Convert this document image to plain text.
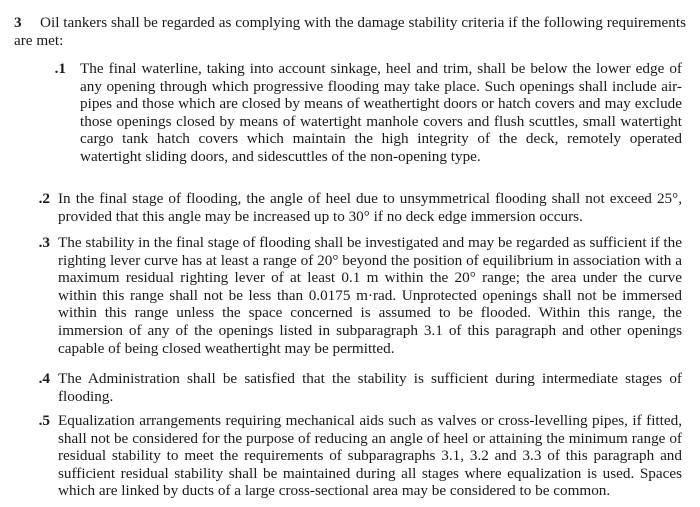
3 Oil tankers shall be regarded as complying with the damage stability criteria if the following requirements are met:
.1 The final waterline, taking into account sinkage, heel and trim, shall be below the lower edge of any opening through which progressive flooding may take place. Such openings shall include air-pipes and those which are closed by means of weathertight doors or hatch covers and may exclude those openings closed by means of watertight manhole covers and flush scuttles, small watertight cargo tank hatch covers which maintain the high integrity of the deck, remotely operated watertight sliding doors, and sidescuttles of the non-opening type.
.2 In the final stage of flooding, the angle of heel due to unsymmetrical flooding shall not exceed 25°, provided that this angle may be increased up to 30° if no deck edge immersion occurs.
.3 The stability in the final stage of flooding shall be investigated and may be regarded as sufficient if the righting lever curve has at least a range of 20° beyond the position of equilibrium in association with a maximum residual righting lever of at least 0.1 m within the 20° range; the area under the curve within this range shall not be less than 0.0175 m·rad. Unprotected openings shall not be immersed within this range unless the space concerned is assumed to be flooded. Within this range, the immersion of any of the openings listed in subparagraph 3.1 of this paragraph and other openings capable of being closed weathertight may be permitted.
.4 The Administration shall be satisfied that the stability is sufficient during intermediate stages of flooding.
.5 Equalization arrangements requiring mechanical aids such as valves or cross-levelling pipes, if fitted, shall not be considered for the purpose of reducing an angle of heel or attaining the minimum range of residual stability to meet the requirements of subparagraphs 3.1, 3.2 and 3.3 of this paragraph and sufficient residual stability shall be maintained during all stages where equalization is used. Spaces which are linked by ducts of a large cross-sectional area may be considered to be common.
